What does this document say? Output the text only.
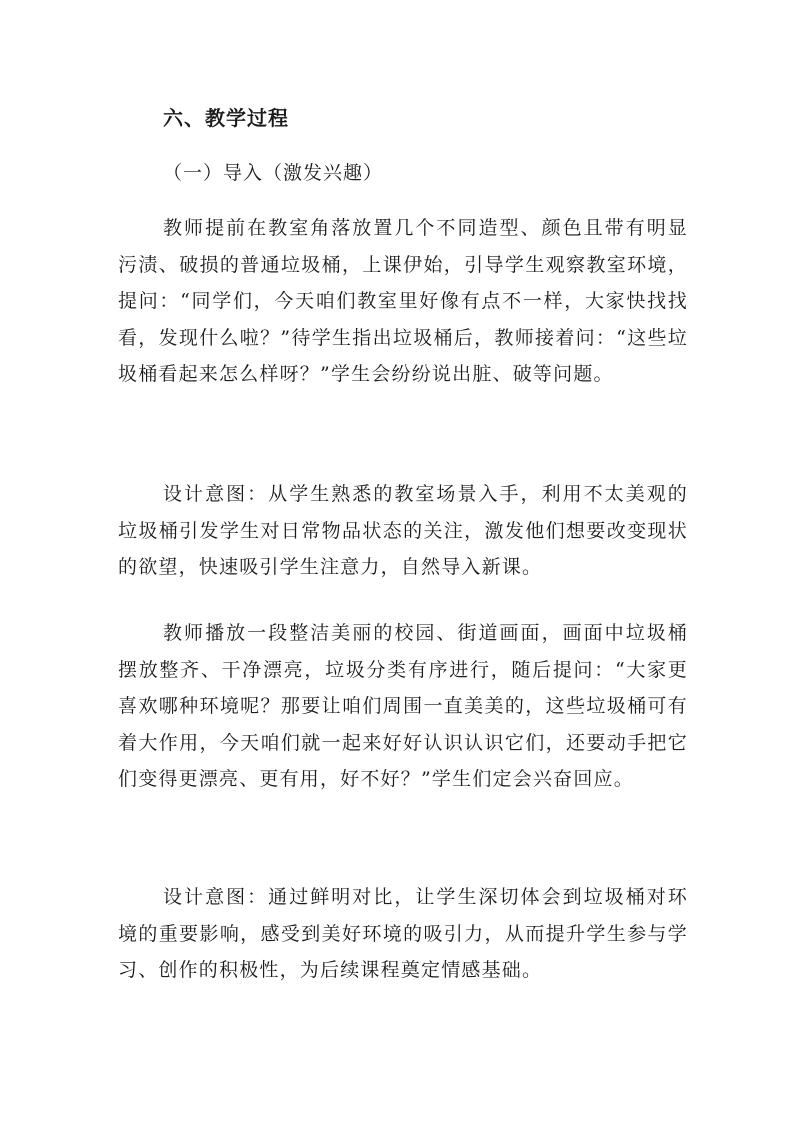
六、教学过程
（一）导入（激发兴趣）

教师提前在教室角落放置几个不同造型、颜色且带有明显污渍、破损的普通垃圾桶，上课伊始，引导学生观察教室环境，提问：“同学们，今天咱们教室里好像有点不一样，大家快找找看，发现什么啦？”待学生指出垃圾桶后，教师接着问：“这些垃圾桶看起来怎么样呀？”学生会纷纷说出脏、破等问题。

设计意图：从学生熟悉的教室场景入手，利用不太美观的垃圾桶引发学生对日常物品状态的关注，激发他们想要改变现状的欲望，快速吸引学生注意力，自然导入新课。

教师播放一段整洁美丽的校园、街道画面，画面中垃圾桶摆放整齐、干净漂亮，垃圾分类有序进行，随后提问：“大家更喜欢哪种环境呢？那要让咱们周围一直美美的，这些垃圾桶可有着大作用，今天咱们就一起来好好认识认识它们，还要动手把它们变得更漂亮、更有用，好不好？”学生们定会兴奋回应。

设计意图：通过鲜明对比，让学生深切体会到垃圾桶对环境的重要影响，感受到美好环境的吸引力，从而提升学生参与学习、创作的积极性，为后续课程奠定情感基础。
